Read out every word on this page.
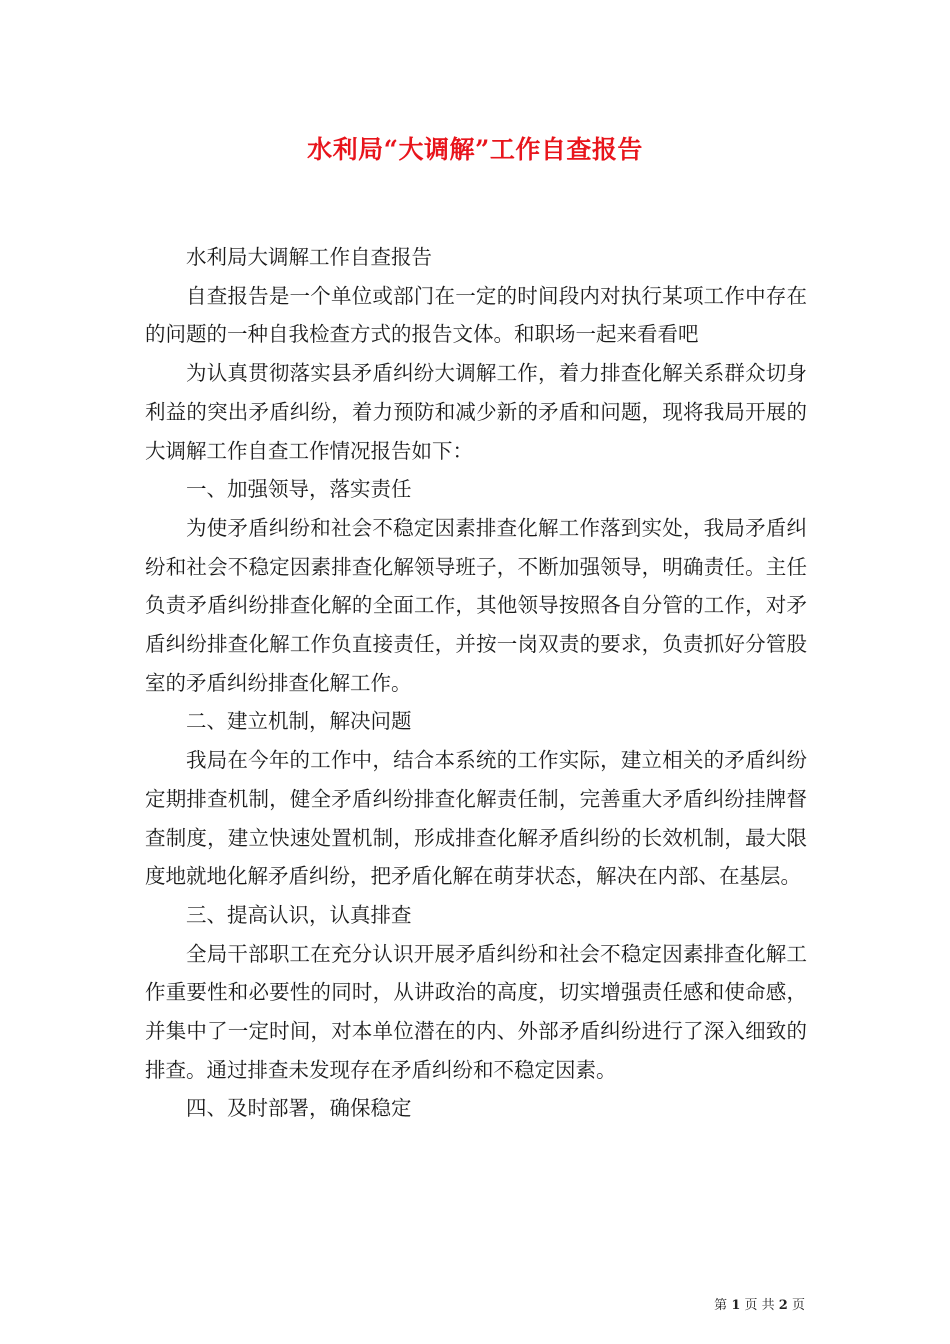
水利局“大调解”工作自查报告

水利局大调解工作自查报告

自查报告是一个单位或部门在一定的时间段内对执行某项工作中存在的问题的一种自我检查方式的报告文体。和职场一起来看看吧

为认真贯彻落实县矛盾纠纷大调解工作，着力排查化解关系群众切身利益的突出矛盾纠纷，着力预防和减少新的矛盾和问题，现将我局开展的大调解工作自查工作情况报告如下：

一、加强领导，落实责任

为使矛盾纠纷和社会不稳定因素排查化解工作落到实处，我局矛盾纠纷和社会不稳定因素排查化解领导班子，不断加强领导，明确责任。主任负责矛盾纠纷排查化解的全面工作，其他领导按照各自分管的工作，对矛盾纠纷排查化解工作负直接责任，并按一岗双责的要求，负责抓好分管股室的矛盾纠纷排查化解工作。

二、建立机制，解决问题

我局在今年的工作中，结合本系统的工作实际，建立相关的矛盾纠纷定期排查机制，健全矛盾纠纷排查化解责任制，完善重大矛盾纠纷挂牌督查制度，建立快速处置机制，形成排查化解矛盾纠纷的长效机制，最大限度地就地化解矛盾纠纷，把矛盾化解在萌芽状态，解决在内部、在基层。

三、提高认识，认真排查

全局干部职工在充分认识开展矛盾纠纷和社会不稳定因素排查化解工作重要性和必要性的同时，从讲政治的高度，切实增强责任感和使命感，并集中了一定时间，对本单位潜在的内、外部矛盾纠纷进行了深入细致的排查。通过排查未发现存在矛盾纠纷和不稳定因素。

四、及时部署，确保稳定

第 1 页 共 2 页
